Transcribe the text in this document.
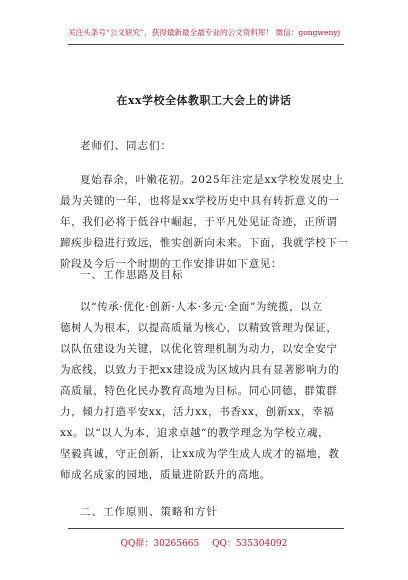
关注头条号“公文研究”，获得最新最全最专业的公文资料库！ 微信：gongwenyj
在xx学校全体教职工大会上的讲话
老师们、同志们：
夏始春余，叶嫩花初。2025年注定是xx学校发展史上
最为关键的一年，也将是xx学校历史中具有转折意义的一
年，我们必将于低谷中崛起，于平凡处见证奇迹，正所谓
蹄疾步稳进行致远，惟实创新向未来。下面，我就学校下一
阶段及今后一个时期的工作安排讲如下意见：
一、工作思路及目标
以“传承·优化·创新·人本·多元·全面”为统揽，以立
德树人为根本，以提高质量为核心，以精致管理为保证，
以队伍建设为关键，以优化管理机制为动力，以安全安宁
为底线，以致力于把xx建设成为区域内具有显著影响力的
高质量，特色化民办教育高地为目标。同心同德，群策群
力，倾力打造平安xx，活力xx，书香xx，创新xx，幸福
xx。以“以人为本，追求卓越”的教学理念为学校立魂，
坚毅真诚，守正创新，让xx成为学生成人成才的福地，教
师成名成家的园地，质量进阶跃升的高地。
二、工作原则、策略和方针
QQ群：30265665 QQ：535304092
